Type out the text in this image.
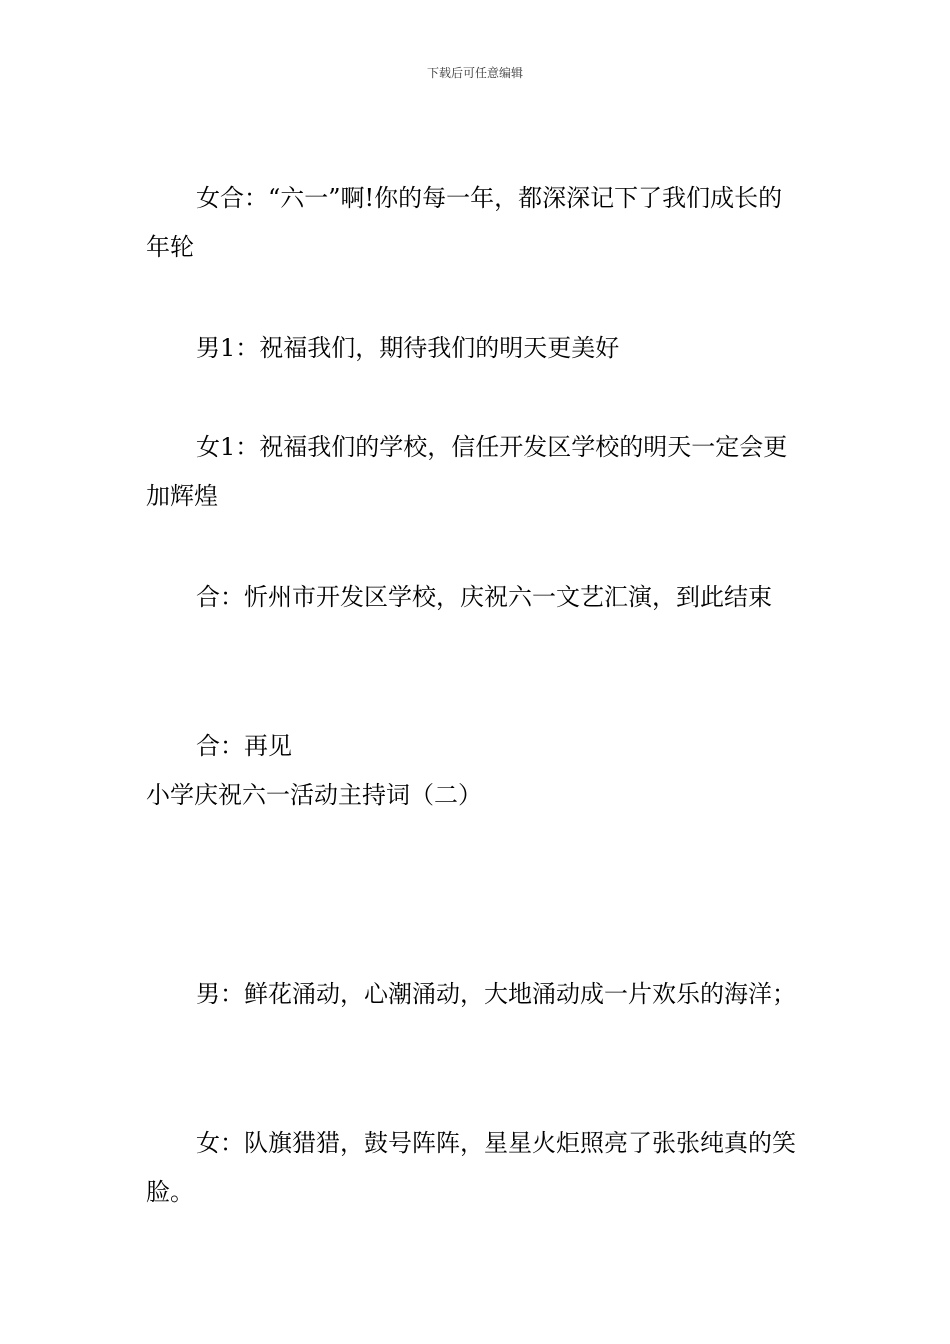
下载后可任意编辑

女合：“六一”啊!你的每一年，都深深记下了我们成长的年轮

男1：祝福我们，期待我们的明天更美好

女1：祝福我们的学校，信任开发区学校的明天一定会更加辉煌

合：忻州市开发区学校，庆祝六一文艺汇演，到此结束

合：再见

小学庆祝六一活动主持词（二）

男：鲜花涌动，心潮涌动，大地涌动成一片欢乐的海洋；

女：队旗猎猎，鼓号阵阵，星星火炬照亮了张张纯真的笑脸。
